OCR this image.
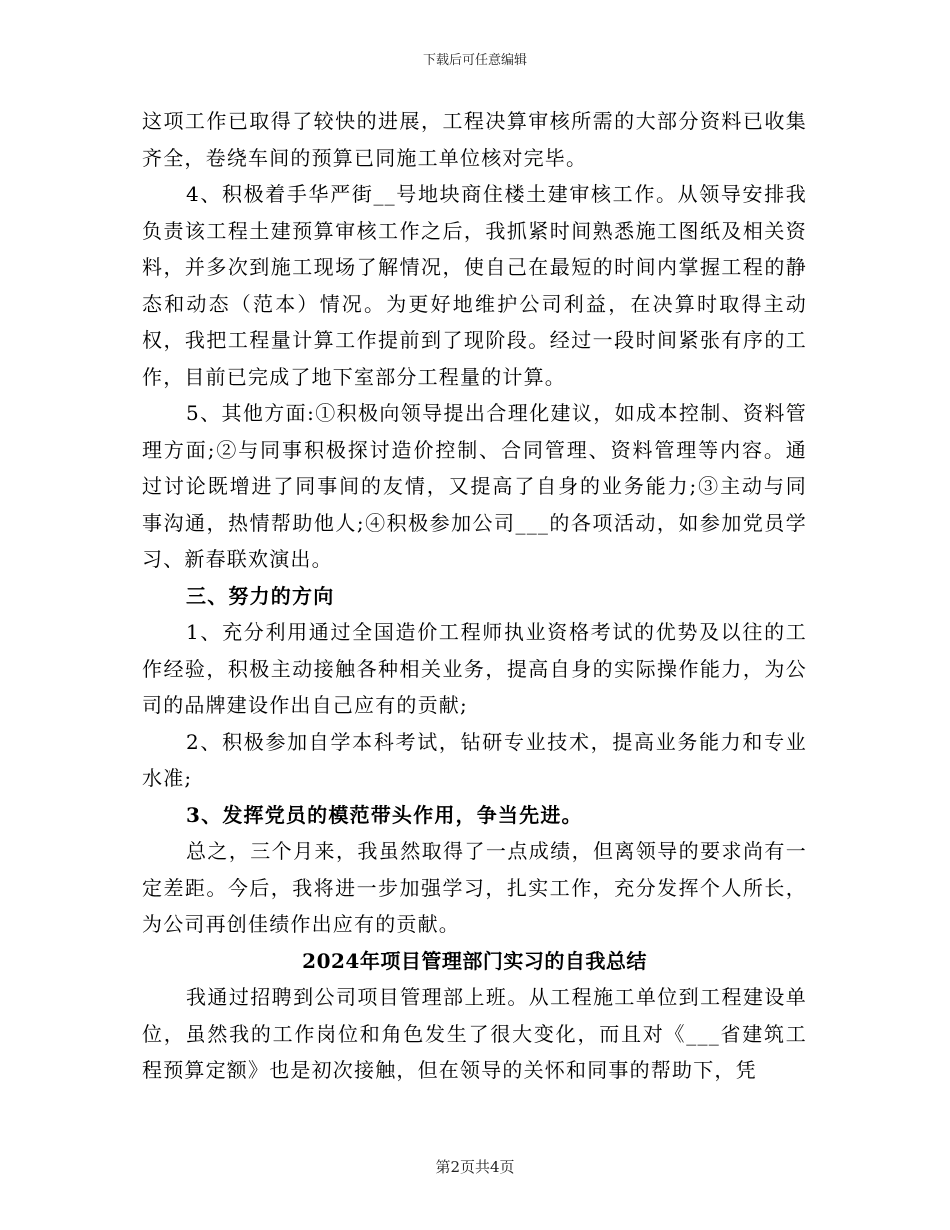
下载后可任意编辑

这项工作已取得了较快的进展，工程决算审核所需的大部分资料已收集齐全，卷绕车间的预算已同施工单位核对完毕。

4、积极着手华严街__号地块商住楼土建审核工作。从领导安排我负责该工程土建预算审核工作之后，我抓紧时间熟悉施工图纸及相关资料，并多次到施工现场了解情况，使自己在最短的时间内掌握工程的静态和动态（范本）情况。为更好地维护公司利益，在决算时取得主动权，我把工程量计算工作提前到了现阶段。经过一段时间紧张有序的工作，目前已完成了地下室部分工程量的计算。

5、其他方面:①积极向领导提出合理化建议，如成本控制、资料管理方面;②与同事积极探讨造价控制、合同管理、资料管理等内容。通过讨论既增进了同事间的友情，又提高了自身的业务能力;③主动与同事沟通，热情帮助他人;④积极参加公司___的各项活动，如参加党员学习、新春联欢演出。

三、努力的方向

1、充分利用通过全国造价工程师执业资格考试的优势及以往的工作经验，积极主动接触各种相关业务，提高自身的实际操作能力，为公司的品牌建设作出自己应有的贡献;

2、积极参加自学本科考试，钻研专业技术，提高业务能力和专业水准;

3、发挥党员的模范带头作用，争当先进。

总之，三个月来，我虽然取得了一点成绩，但离领导的要求尚有一定差距。今后，我将进一步加强学习，扎实工作，充分发挥个人所长，为公司再创佳绩作出应有的贡献。

2024年项目管理部门实习的自我总结

我通过招聘到公司项目管理部上班。从工程施工单位到工程建设单位，虽然我的工作岗位和角色发生了很大变化，而且对《___省建筑工程预算定额》也是初次接触，但在领导的关怀和同事的帮助下，凭

第2页共4页
